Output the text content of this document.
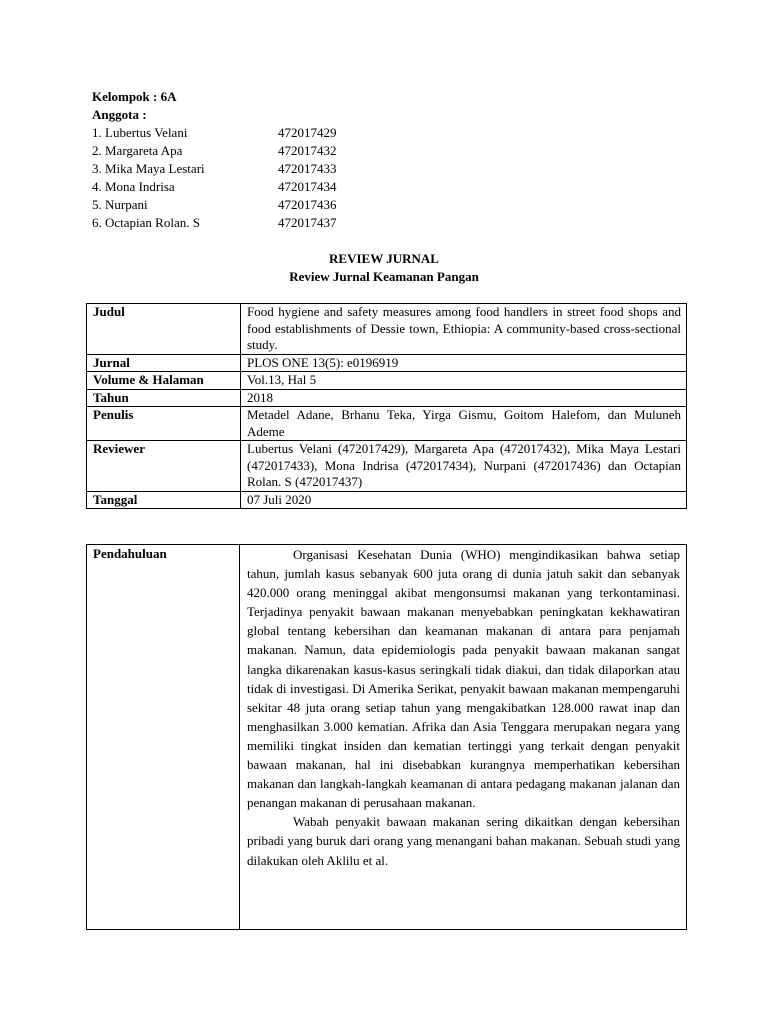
Kelompok : 6A
Anggota :
1. Lubertus Velani	472017429
2. Margareta Apa	472017432
3. Mika Maya Lestari	472017433
4. Mona Indrisa	472017434
5. Nurpani	472017436
6. Octapian Rolan. S	472017437
REVIEW JURNAL
Review Jurnal Keamanan Pangan
Judul	Food hygiene and safety measures among food handlers in street food shops and food establishments of Dessie town, Ethiopia: A community-based cross-sectional study.
Jurnal	PLOS ONE 13(5): e0196919
Volume & Halaman	Vol.13, Hal 5
Tahun	2018
Penulis	Metadel Adane, Brhanu Teka, Yirga Gismu, Goitom Halefom, dan Muluneh Ademe
Reviewer	Lubertus Velani (472017429), Margareta Apa (472017432), Mika Maya Lestari (472017433), Mona Indrisa (472017434), Nurpani (472017436) dan Octapian Rolan. S (472017437)
Tanggal	07 Juli 2020
Pendahuluan	Organisasi Kesehatan Dunia (WHO) mengindikasikan bahwa setiap tahun, jumlah kasus sebanyak 600 juta orang di dunia jatuh sakit dan sebanyak 420.000 orang meninggal akibat mengonsumsi makanan yang terkontaminasi. Terjadinya penyakit bawaan makanan menyebabkan peningkatan kekhawatiran global tentang kebersihan dan keamanan makanan di antara para penjamah makanan. Namun, data epidemiologis pada penyakit bawaan makanan sangat langka dikarenakan kasus-kasus seringkali tidak diakui, dan tidak dilaporkan atau tidak di investigasi. Di Amerika Serikat, penyakit bawaan makanan mempengaruhi sekitar 48 juta orang setiap tahun yang mengakibatkan 128.000 rawat inap dan menghasilkan 3.000 kematian. Afrika dan Asia Tenggara merupakan negara yang memiliki tingkat insiden dan kematian tertinggi yang terkait dengan penyakit bawaan makanan, hal ini disebabkan kurangnya memperhatikan kebersihan makanan dan langkah-langkah keamanan di antara pedagang makanan jalanan dan penangan makanan di perusahaan makanan.

Wabah penyakit bawaan makanan sering dikaitkan dengan kebersihan pribadi yang buruk dari orang yang menangani bahan makanan. Sebuah studi yang dilakukan oleh Aklilu et al.
